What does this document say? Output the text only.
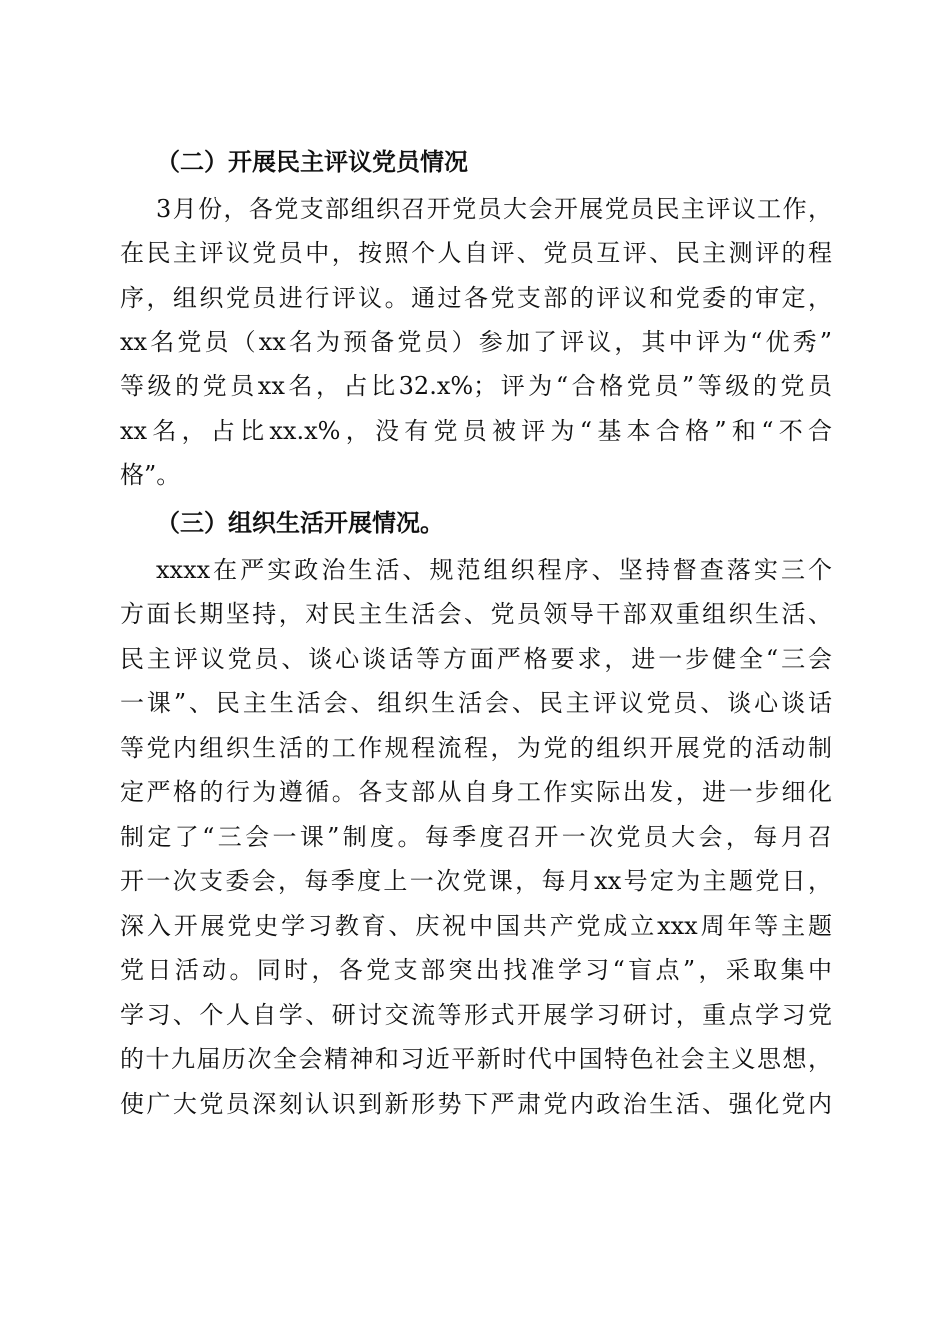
（二）开展民主评议党员情况
3月份，各党支部组织召开党员大会开展党员民主评议工作，
在民主评议党员中，按照个人自评、党员互评、民主测评的程
序，组织党员进行评议。通过各党支部的评议和党委的审定，
xx名党员（xx名为预备党员）参加了评议，其中评为“优秀”
等级的党员xx名，占比32.x%；评为“合格党员”等级的党员
xx名，占比xx.x%，没有党员被评为“基本合格”和“不合
格”。
（三）组织生活开展情况。
xxxx在严实政治生活、规范组织程序、坚持督查落实三个
方面长期坚持，对民主生活会、党员领导干部双重组织生活、
民主评议党员、谈心谈话等方面严格要求，进一步健全“三会
一课”、民主生活会、组织生活会、民主评议党员、谈心谈话
等党内组织生活的工作规程流程，为党的组织开展党的活动制
定严格的行为遵循。各支部从自身工作实际出发，进一步细化
制定了“三会一课”制度。每季度召开一次党员大会，每月召
开一次支委会，每季度上一次党课，每月xx号定为主题党日，
深入开展党史学习教育、庆祝中国共产党成立xxx周年等主题
党日活动。同时，各党支部突出找准学习“盲点”，采取集中
学习、个人自学、研讨交流等形式开展学习研讨，重点学习党
的十九届历次全会精神和习近平新时代中国特色社会主义思想，
使广大党员深刻认识到新形势下严肃党内政治生活、强化党内
